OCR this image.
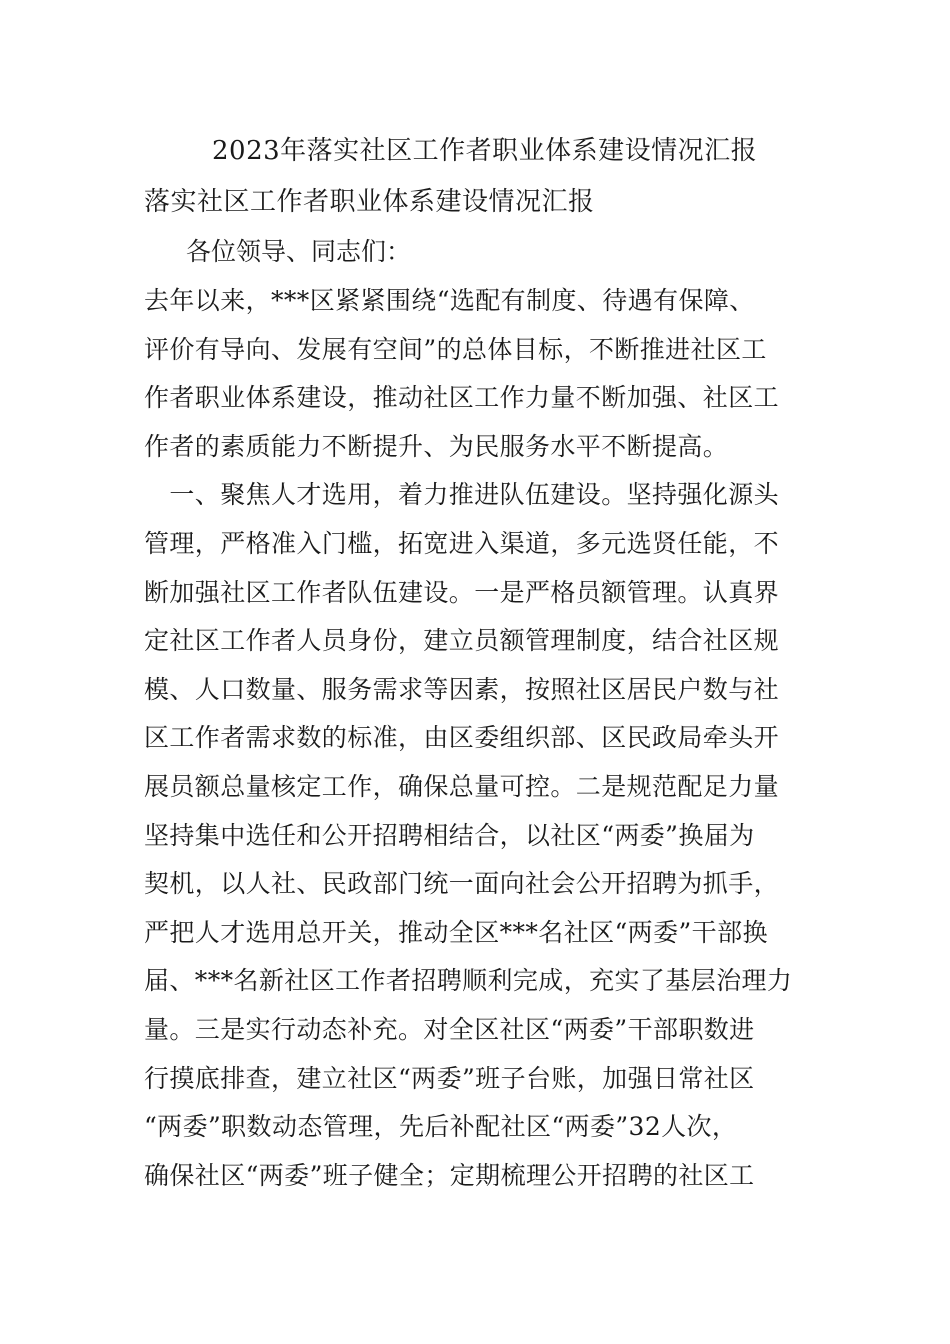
2023年落实社区工作者职业体系建设情况汇报
落实社区工作者职业体系建设情况汇报
各位领导、同志们：
去年以来，***区紧紧围绕“选配有制度、待遇有保障、
评价有导向、发展有空间”的总体目标，不断推进社区工
作者职业体系建设，推动社区工作力量不断加强、社区工
作者的素质能力不断提升、为民服务水平不断提高。
　一、聚焦人才选用，着力推进队伍建设。坚持强化源头
管理，严格准入门槛，拓宽进入渠道，多元选贤任能，不
断加强社区工作者队伍建设。一是严格员额管理。认真界
定社区工作者人员身份，建立员额管理制度，结合社区规
模、人口数量、服务需求等因素，按照社区居民户数与社
区工作者需求数的标准，由区委组织部、区民政局牵头开
展员额总量核定工作，确保总量可控。二是规范配足力量
坚持集中选任和公开招聘相结合，以社区“两委”换届为
契机，以人社、民政部门统一面向社会公开招聘为抓手，
严把人才选用总开关，推动全区***名社区“两委”干部换
届、***名新社区工作者招聘顺利完成，充实了基层治理力
量。三是实行动态补充。对全区社区“两委”干部职数进
行摸底排查，建立社区“两委”班子台账，加强日常社区
“两委”职数动态管理，先后补配社区“两委”32人次，
确保社区“两委”班子健全；定期梳理公开招聘的社区工
